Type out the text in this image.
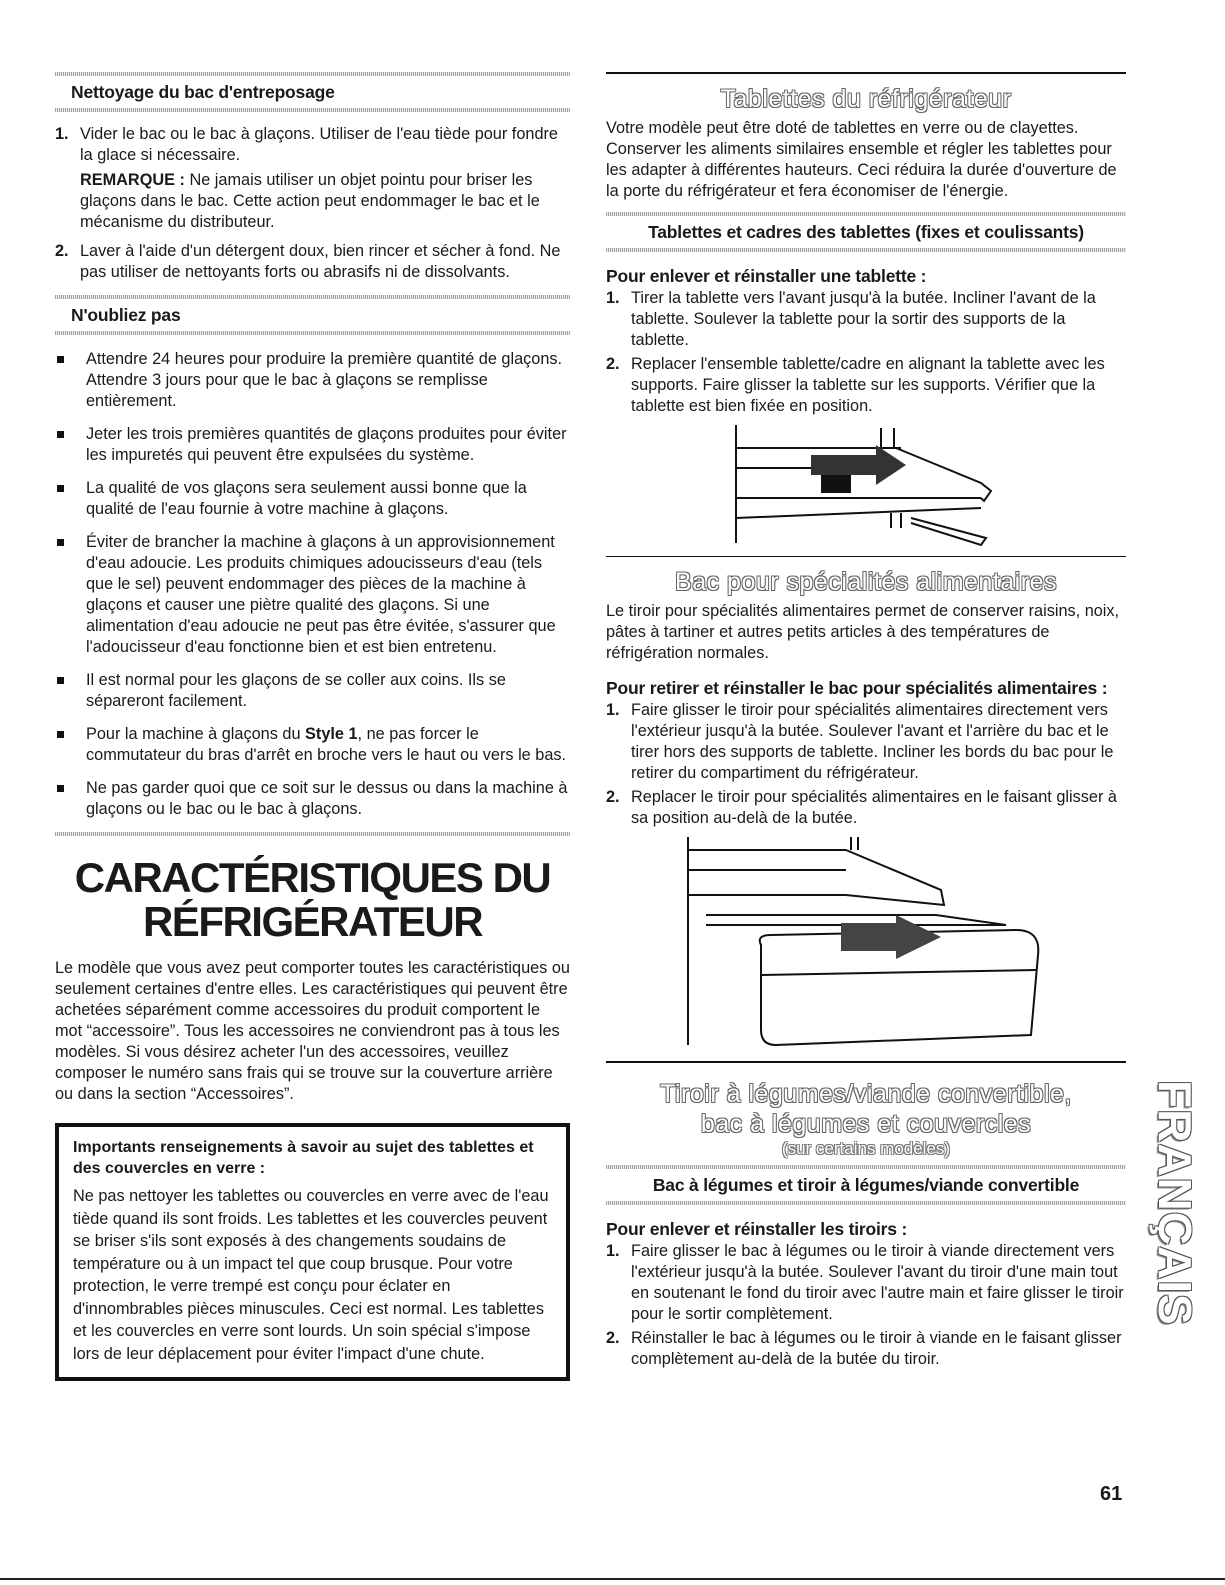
Nettoyage du bac d'entreposage
1. Vider le bac ou le bac à glaçons. Utiliser de l'eau tiède pour fondre la glace si nécessaire.
REMARQUE : Ne jamais utiliser un objet pointu pour briser les glaçons dans le bac. Cette action peut endommager le bac et le mécanisme du distributeur.
2. Laver à l'aide d'un détergent doux, bien rincer et sécher à fond. Ne pas utiliser de nettoyants forts ou abrasifs ni de dissolvants.
N'oubliez pas
Attendre 24 heures pour produire la première quantité de glaçons. Attendre 3 jours pour que le bac à glaçons se remplisse entièrement.
Jeter les trois premières quantités de glaçons produites pour éviter les impuretés qui peuvent être expulsées du système.
La qualité de vos glaçons sera seulement aussi bonne que la qualité de l'eau fournie à votre machine à glaçons.
Éviter de brancher la machine à glaçons à un approvisionnement d'eau adoucie. Les produits chimiques adoucisseurs d'eau (tels que le sel) peuvent endommager des pièces de la machine à glaçons et causer une piètre qualité des glaçons. Si une alimentation d'eau adoucie ne peut pas être évitée, s'assurer que l'adoucisseur d'eau fonctionne bien et est bien entretenu.
Il est normal pour les glaçons de se coller aux coins. Ils se sépareront facilement.
Pour la machine à glaçons du Style 1, ne pas forcer le commutateur du bras d'arrêt en broche vers le haut ou vers le bas.
Ne pas garder quoi que ce soit sur le dessus ou dans la machine à glaçons ou le bac ou le bac à glaçons.
CARACTÉRISTIQUES DU
RÉFRIGÉRATEUR

Le modèle que vous avez peut comporter toutes les caractéristiques ou seulement certaines d'entre elles. Les caractéristiques qui peuvent être achetées séparément comme accessoires du produit comportent le mot “accessoire”. Tous les accessoires ne conviendront pas à tous les modèles. Si vous désirez acheter l'un des accessoires, veuillez composer le numéro sans frais qui se trouve sur la couverture arrière ou dans la section “Accessoires”.

Importants renseignements à savoir au sujet des tablettes et des couvercles en verre :

Ne pas nettoyer les tablettes ou couvercles en verre avec de l'eau tiède quand ils sont froids. Les tablettes et les couvercles peuvent se briser s'ils sont exposés à des changements soudains de température ou à un impact tel que coup brusque. Pour votre protection, le verre trempé est conçu pour éclater en d'innombrables pièces minuscules. Ceci est normal. Les tablettes et les couvercles en verre sont lourds. Un soin spécial s'impose lors de leur déplacement pour éviter l'impact d'une chute.

Tablettes du réfrigérateur

Votre modèle peut être doté de tablettes en verre ou de clayettes. Conserver les aliments similaires ensemble et régler les tablettes pour les adapter à différentes hauteurs. Ceci réduira la durée d'ouverture de la porte du réfrigérateur et fera économiser de l'énergie.

Tablettes et cadres des tablettes (fixes et coulissants)
Pour enlever et réinstaller une tablette :
1. Tirer la tablette vers l'avant jusqu'à la butée. Incliner l'avant de la tablette. Soulever la tablette pour la sortir des supports de la tablette.
2. Replacer l'ensemble tablette/cadre en alignant la tablette avec les supports. Faire glisser la tablette sur les supports. Vérifier que la tablette est bien fixée en position.
Bac pour spécialités alimentaires

Le tiroir pour spécialités alimentaires permet de conserver raisins, noix, pâtes à tartiner et autres petits articles à des températures de réfrigération normales.

Pour retirer et réinstaller le bac pour spécialités alimentaires :
1. Faire glisser le tiroir pour spécialités alimentaires directement vers l'extérieur jusqu'à la butée. Soulever l'avant et l'arrière du bac et le tirer hors des supports de tablette. Incliner les bords du bac pour le retirer du compartiment du réfrigérateur.
2. Replacer le tiroir pour spécialités alimentaires en le faisant glisser à sa position au-delà de la butée.
Tiroir à légumes/viande convertible,
bac à légumes et couvercles
(sur certains modèles)
Bac à légumes et tiroir à légumes/viande convertible
Pour enlever et réinstaller les tiroirs :
1. Faire glisser le bac à légumes ou le tiroir à viande directement vers l'extérieur jusqu'à la butée. Soulever l'avant du tiroir d'une main tout en soutenant le fond du tiroir avec l'autre main et faire glisser le tiroir pour le sortir complètement.
2. Réinstaller le bac à légumes ou le tiroir à viande en le faisant glisser complètement au-delà de la butée du tiroir.
FRANÇAIS
61
